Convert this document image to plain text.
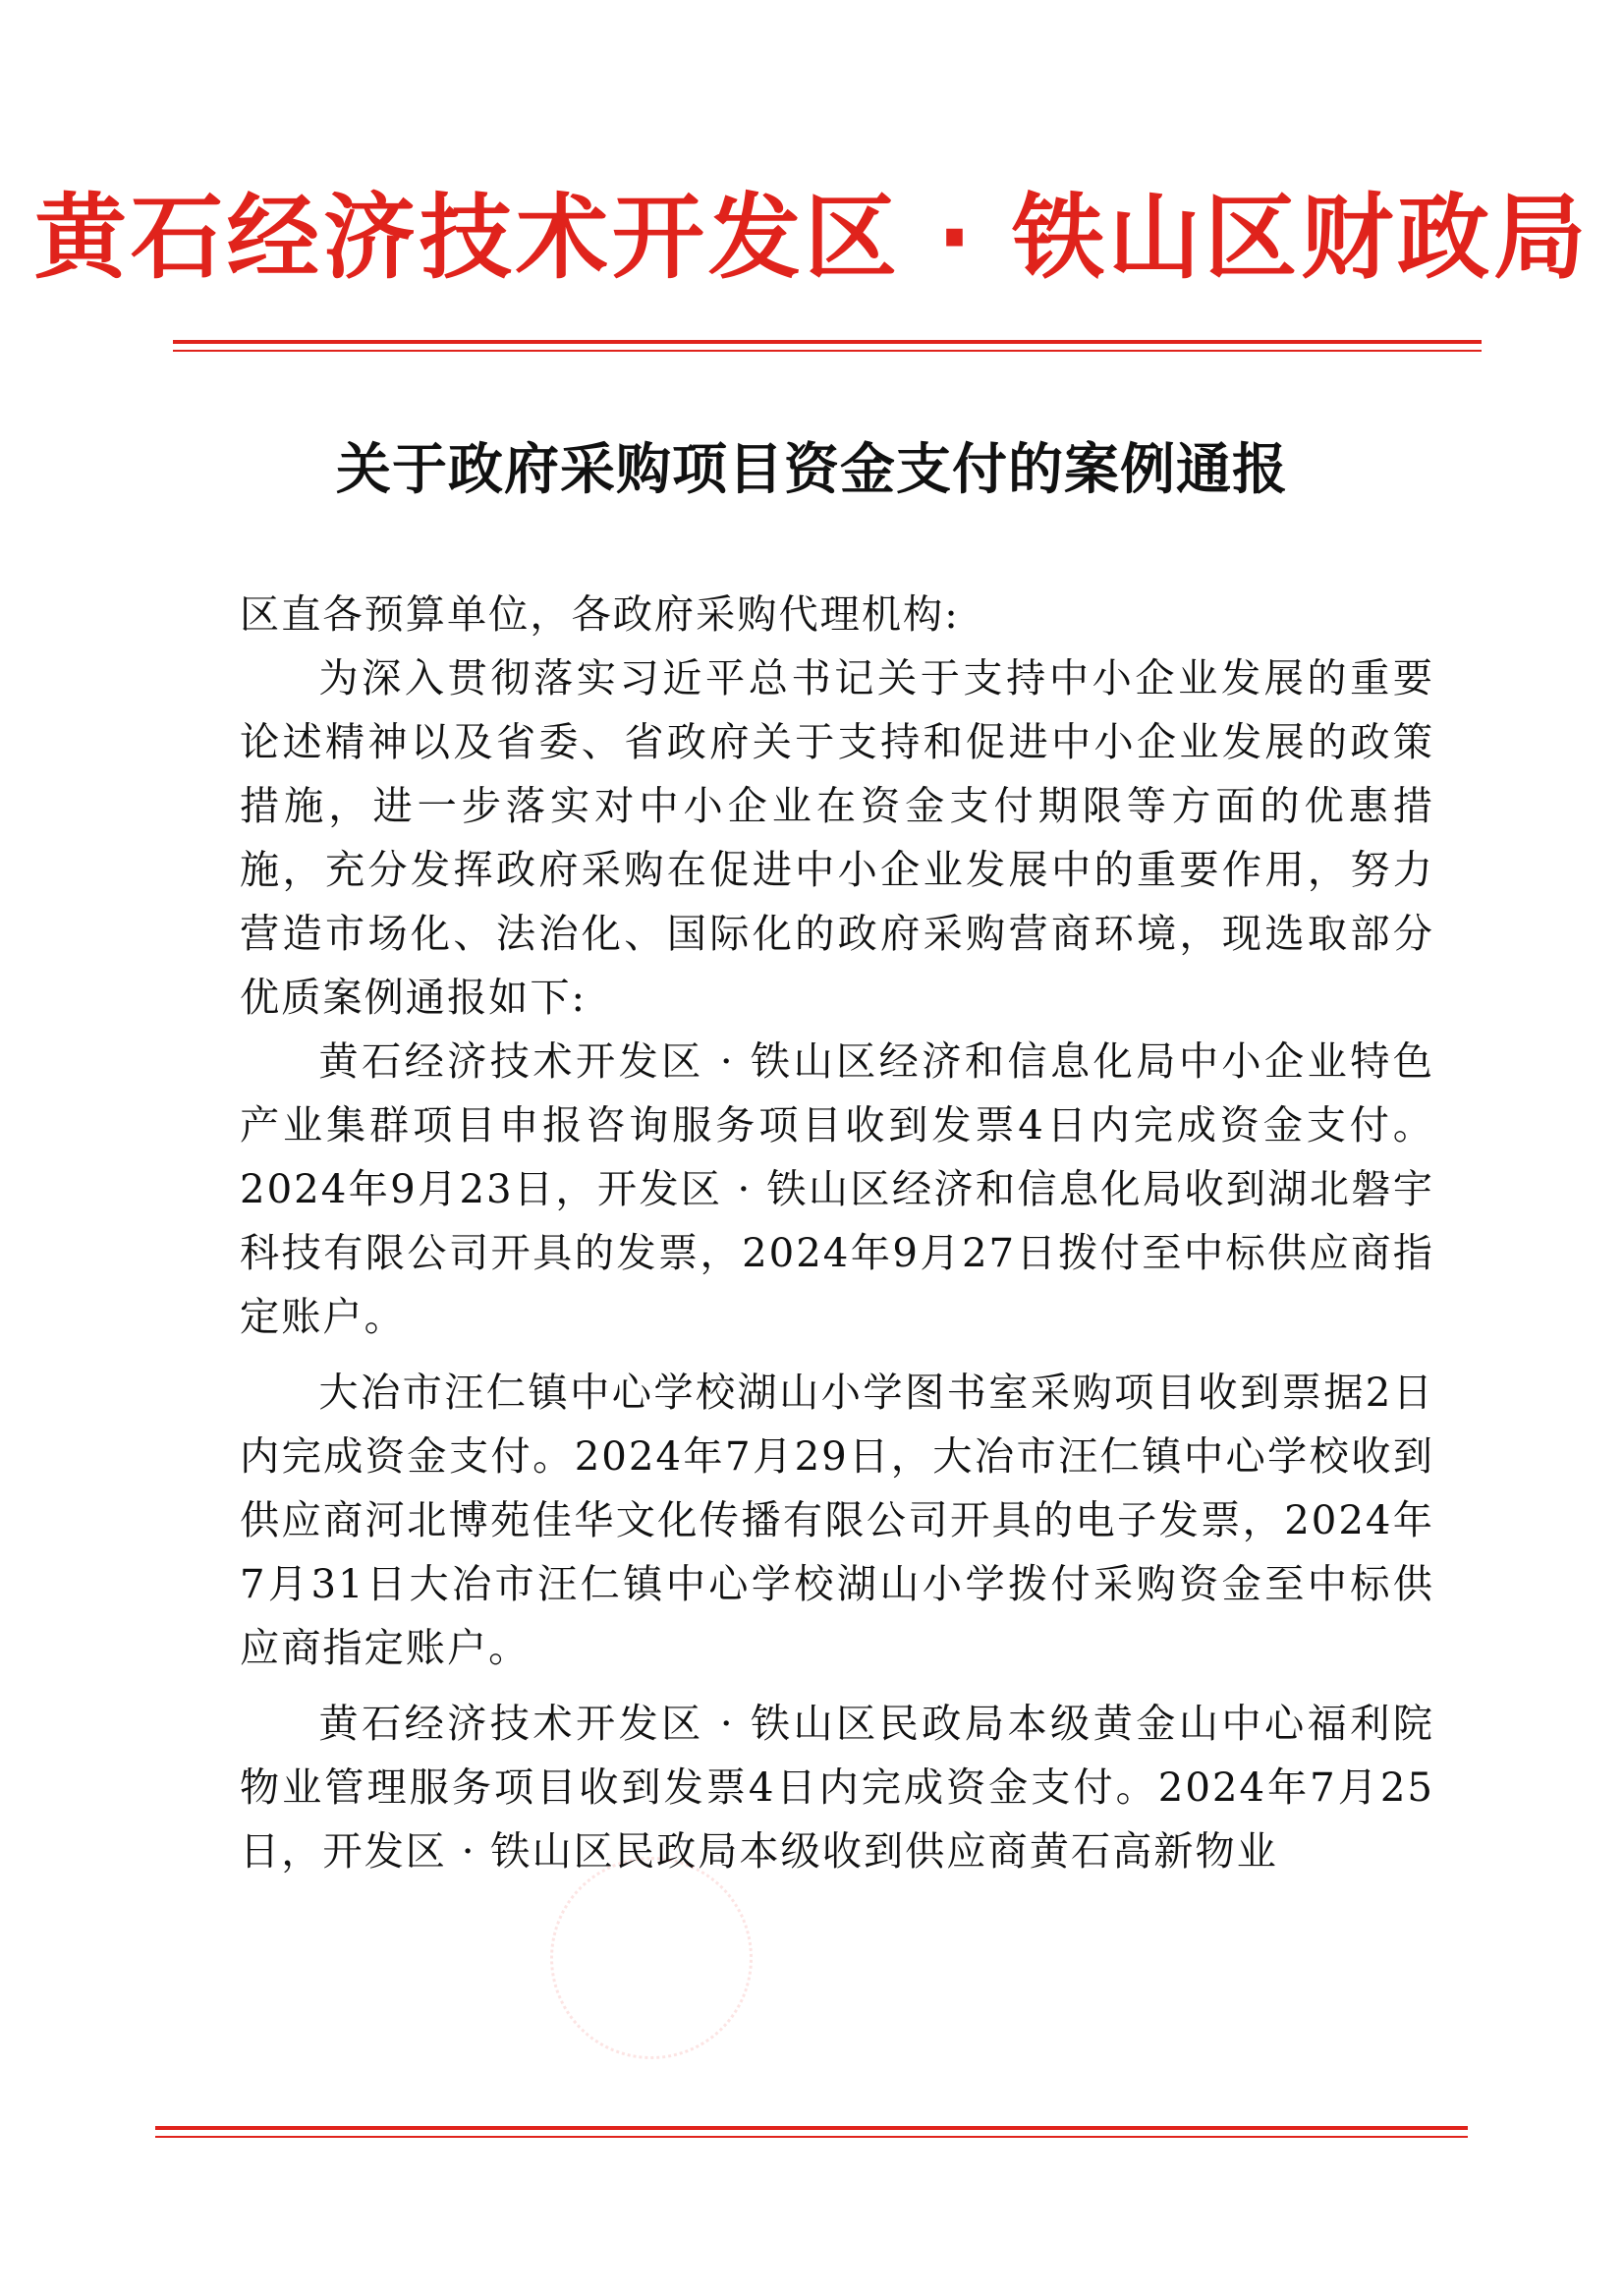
黄石经济技术开发区 · 铁山区财政局
关于政府采购项目资金支付的案例通报

区直各预算单位，各政府采购代理机构:

为深入贯彻落实习近平总书记关于支持中小企业发展的重要论述精神以及省委、省政府关于支持和促进中小企业发展的政策措施，进一步落实对中小企业在资金支付期限等方面的优惠措施，充分发挥政府采购在促进中小企业发展中的重要作用，努力营造市场化、法治化、国际化的政府采购营商环境，现选取部分优质案例通报如下:

黄石经济技术开发区 · 铁山区经济和信息化局中小企业特色产业集群项目申报咨询服务项目收到发票4日内完成资金支付。2024年9月23日，开发区 · 铁山区经济和信息化局收到湖北磐宇科技有限公司开具的发票，2024年9月27日拨付至中标供应商指定账户。

大冶市汪仁镇中心学校湖山小学图书室采购项目收到票据2日内完成资金支付。2024年7月29日，大冶市汪仁镇中心学校收到供应商河北博苑佳华文化传播有限公司开具的电子发票，2024年7月31日大冶市汪仁镇中心学校湖山小学拨付采购资金至中标供应商指定账户。

黄石经济技术开发区 · 铁山区民政局本级黄金山中心福利院物业管理服务项目收到发票4日内完成资金支付。2024年7月25日，开发区 · 铁山区民政局本级收到供应商黄石高新物业
